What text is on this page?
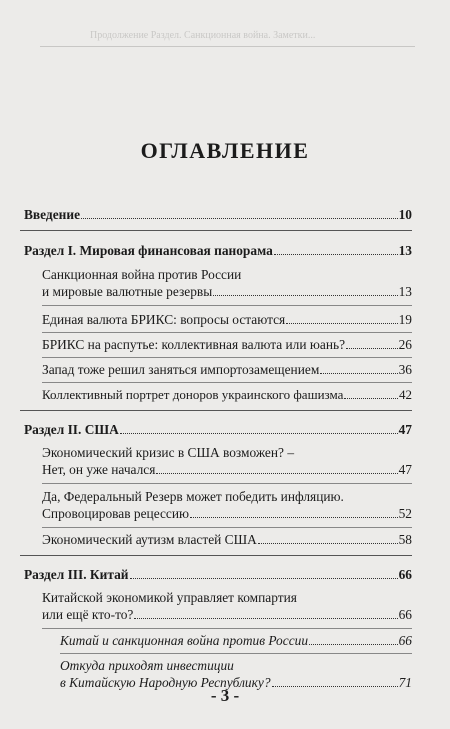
Продолжение Раздел. Санкционная война. Заметки...
ОГЛАВЛЕНИЕ
Введение	10
Раздел I. Мировая финансовая панорама	13
Санкционная война против России
и мировые валютные резервы	13
Единая валюта БРИКС: вопросы остаются	19
БРИКС на распутье: коллективная валюта или юань?	26
Запад тоже решил заняться импортозамещением	36
Коллективный портрет доноров украинского фашизма	42
Раздел II. США	47
Экономический кризис в США возможен? –
Нет, он уже начался	47
Да, Федеральный Резерв может победить инфляцию.
Спровоцировав рецессию	52
Экономический аутизм властей США	58
Раздел III. Китай	66
Китайской экономикой управляет компартия
или ещё кто-то?	66
Китай и санкционная война против России	66
Откуда приходят инвестиции
в Китайскую Народную Республику?	71
- 3 -
